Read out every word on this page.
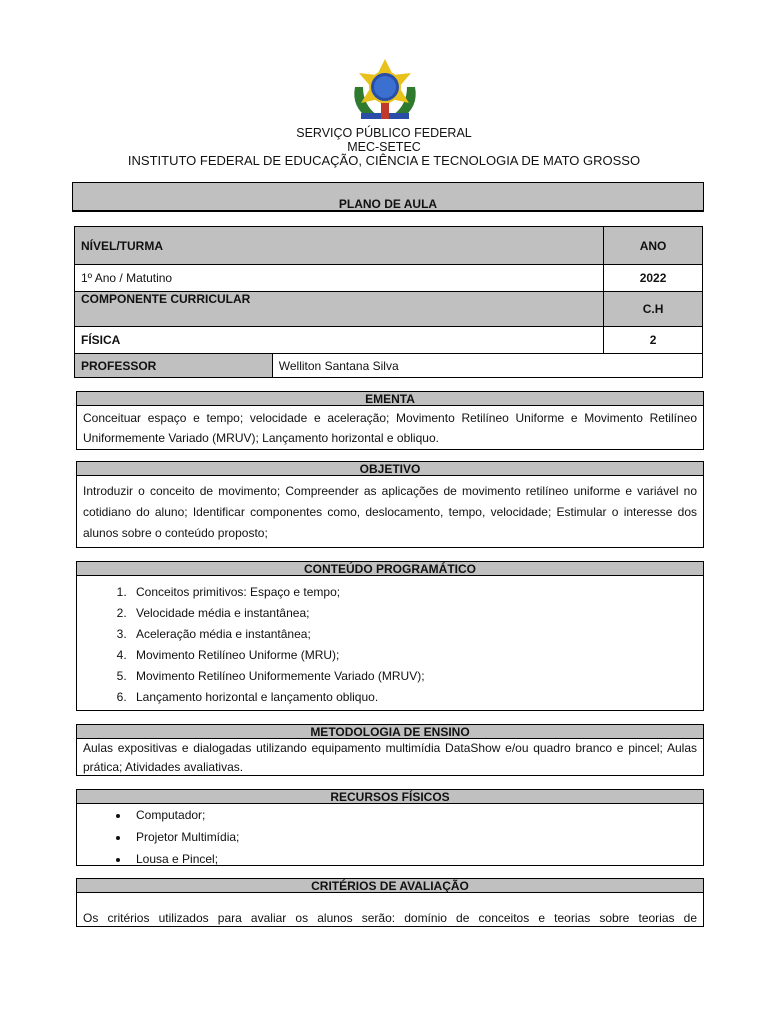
SERVIÇO PÚBLICO FEDERAL
MEC-SETEC
INSTITUTO FEDERAL DE EDUCAÇÃO, CIÊNCIA E TECNOLOGIA DE MATO GROSSO
PLANO DE AULA
NÍVEL/TURMA		ANO
1º Ano / Matutino		2022
COMPONENTE CURRICULAR		C.H
FÍSICA		2
PROFESSOR	Welliton Santana Silva	
EMENTA
Conceituar espaço e tempo; velocidade e aceleração; Movimento Retilíneo Uniforme e Movimento Retilíneo Uniformemente Variado (MRUV); Lançamento horizontal e obliquo.
OBJETIVO
Introduzir o conceito de movimento; Compreender as aplicações de movimento retilíneo uniforme e variável no cotidiano do aluno; Identificar componentes como, deslocamento, tempo, velocidade; Estimular o interesse dos alunos sobre o conteúdo proposto;
CONTEÚDO PROGRAMÁTICO
1. Conceitos primitivos: Espaço e tempo;
2. Velocidade média e instantânea;
3. Aceleração média e instantânea;
4. Movimento Retilíneo Uniforme (MRU);
5. Movimento Retilíneo Uniformemente Variado (MRUV);
6. Lançamento horizontal e lançamento obliquo.
METODOLOGIA DE ENSINO
Aulas expositivas e dialogadas utilizando equipamento multimídia DataShow e/ou quadro branco e pincel; Aulas prática; Atividades avaliativas.
RECURSOS FÍSICOS
• Computador;
• Projetor Multimídia;
• Lousa e Pincel;
CRITÉRIOS DE AVALIAÇÃO
Os critérios utilizados para avaliar os alunos serão: domínio de conceitos e teorias sobre teorias de
